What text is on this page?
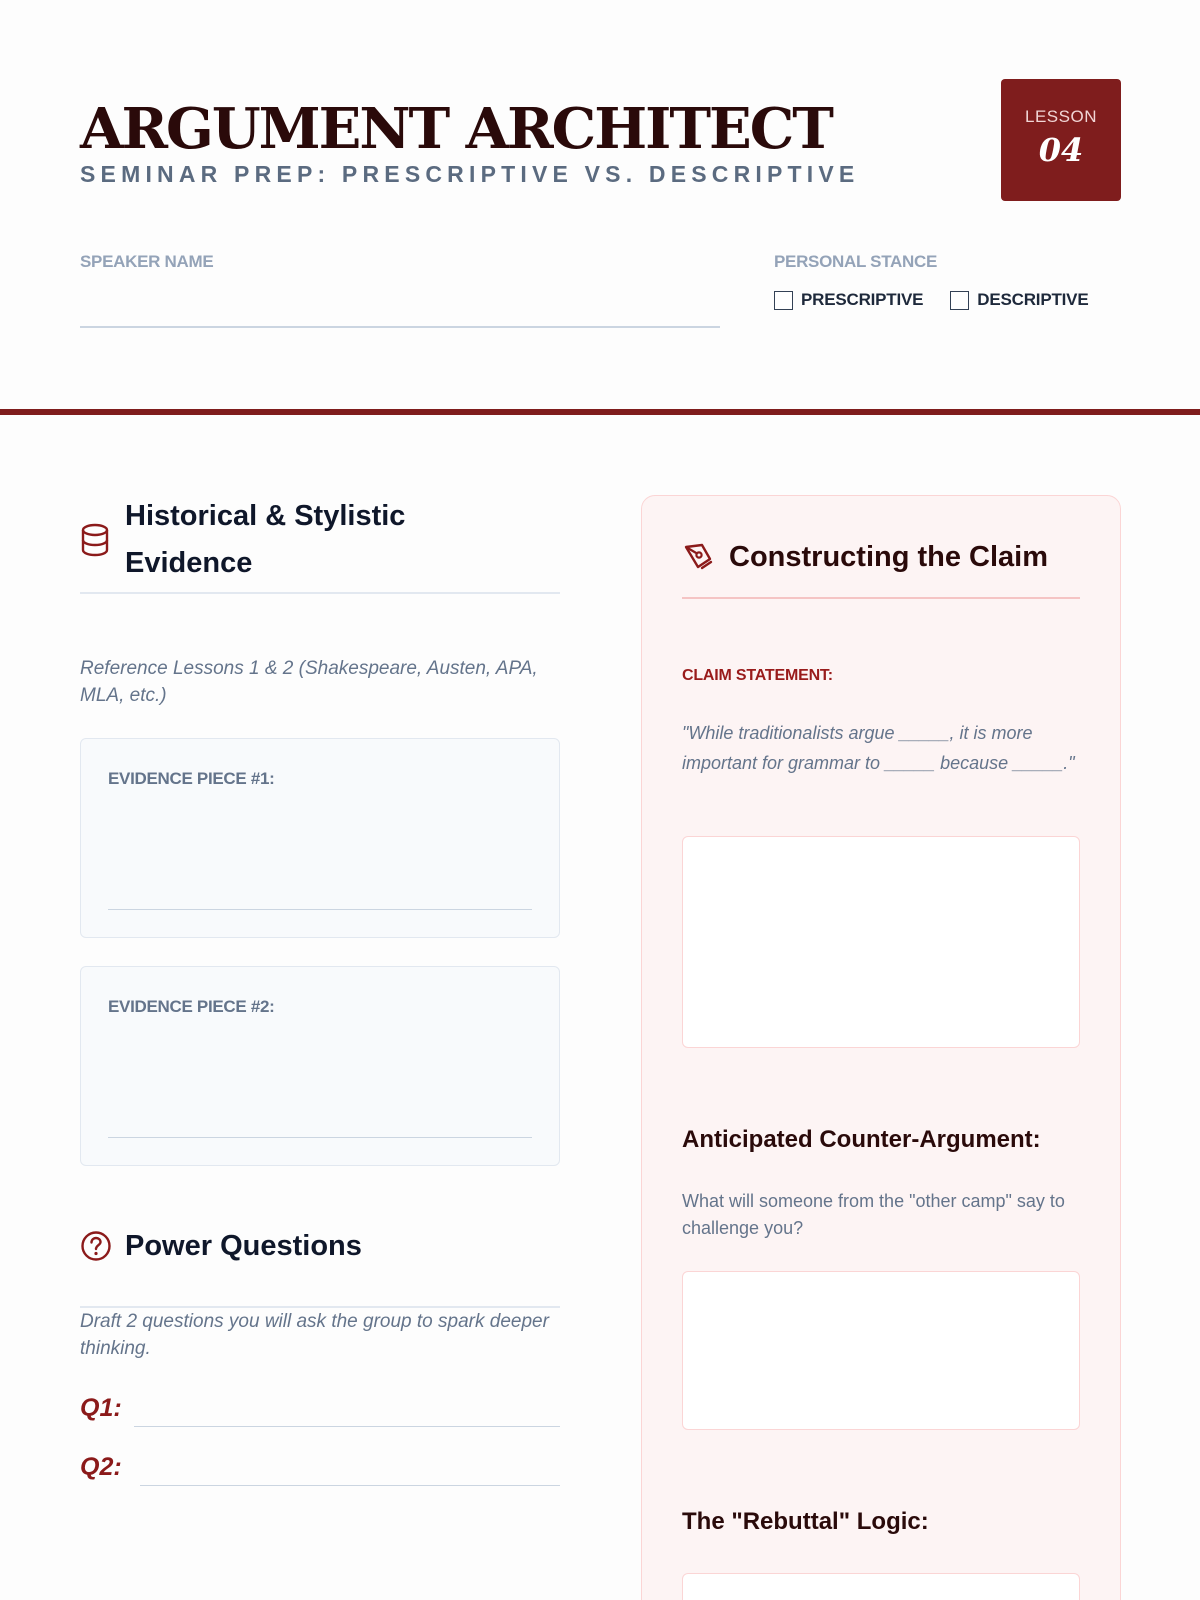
ARGUMENT ARCHITECT
SEMINAR PREP: PRESCRIPTIVE VS. DESCRIPTIVE
LESSON
04
SPEAKER NAME	PERSONAL STANCE
PRESCRIPTIVE	DESCRIPTIVE
Historical & Stylistic
Evidence
Reference Lessons 1 & 2 (Shakespeare, Austen, APA, MLA, etc.)
EVIDENCE PIECE #1:
EVIDENCE PIECE #2:
Power Questions
Draft 2 questions you will ask the group to spark deeper thinking.
Q1:
Q2:
Constructing the Claim
CLAIM STATEMENT:
"While traditionalists argue _____, it is more important for grammar to _____ because _____."
Anticipated Counter-Argument:
What will someone from the "other camp" say to challenge you?
The "Rebuttal" Logic:
